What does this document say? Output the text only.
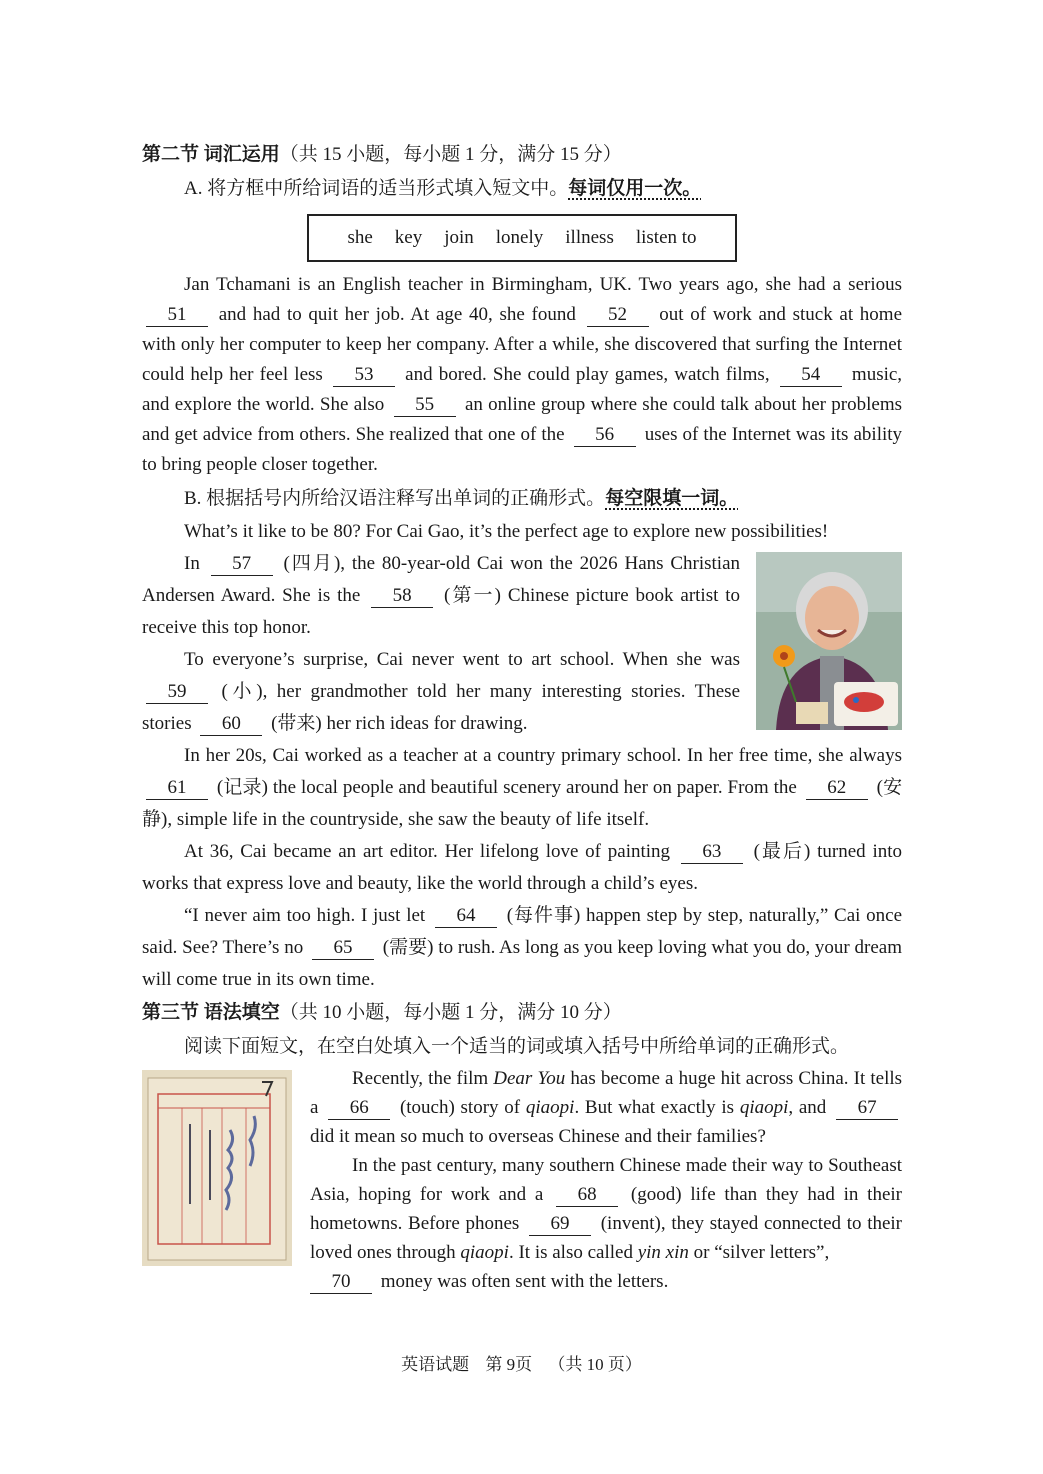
第二节 词汇运用（共 15 小题，每小题 1 分，满分 15 分）

A. 将方框中所给词语的适当形式填入短文中。每词仅用一次。

she key join lonely illness listen to

Jan Tchamani is an English teacher in Birmingham, UK. Two years ago, she had a serious 51 and had to quit her job. At age 40, she found 52 out of work and stuck at home with only her computer to keep her company. After a while, she discovered that surfing the Internet could help her feel less 53 and bored. She could play games, watch films, 54 music, and explore the world. She also 55 an online group where she could talk about her problems and get advice from others. She realized that one of the 56 uses of the Internet was its ability to bring people closer together.

B. 根据括号内所给汉语注释写出单词的正确形式。每空限填一词。

What’s it like to be 80? For Cai Gao, it’s the perfect age to explore new possibilities!

In 57 (四月), the 80-year-old Cai won the 2026 Hans Christian Andersen Award. She is the 58 (第一) Chinese picture book artist to receive this top honor.

To everyone’s surprise, Cai never went to art school. When she was 59 (小), her grandmother told her many interesting stories. These stories 60 (带来) her rich ideas for drawing.

In her 20s, Cai worked as a teacher at a country primary school. In her free time, she always 61 (记录) the local people and beautiful scenery around her on paper. From the 62 (安静), simple life in the countryside, she saw the beauty of life itself.

At 36, Cai became an art editor. Her lifelong love of painting 63 (最后) turned into works that express love and beauty, like the world through a child’s eyes.

“I never aim too high. I just let 64 (每件事) happen step by step, naturally,” Cai once said. See? There’s no 65 (需要) to rush. As long as you keep loving what you do, your dream will come true in its own time.

第三节 语法填空（共 10 小题，每小题 1 分，满分 10 分）

阅读下面短文，在空白处填入一个适当的词或填入括号中所给单词的正确形式。

Recently, the film Dear You has become a huge hit across China. It tells a 66 (touch) story of qiaopi. But what exactly is qiaopi, and 67 did it mean so much to overseas Chinese and their families?

In the past century, many southern Chinese made their way to Southeast Asia, hoping for work and a 68 (good) life than they had in their hometowns. Before phones 69 (invent), they stayed connected to their loved ones through qiaopi. It is also called yin xin or “silver letters”,

70 money was often sent with the letters.

英语试题 第 9页 （共 10 页）
